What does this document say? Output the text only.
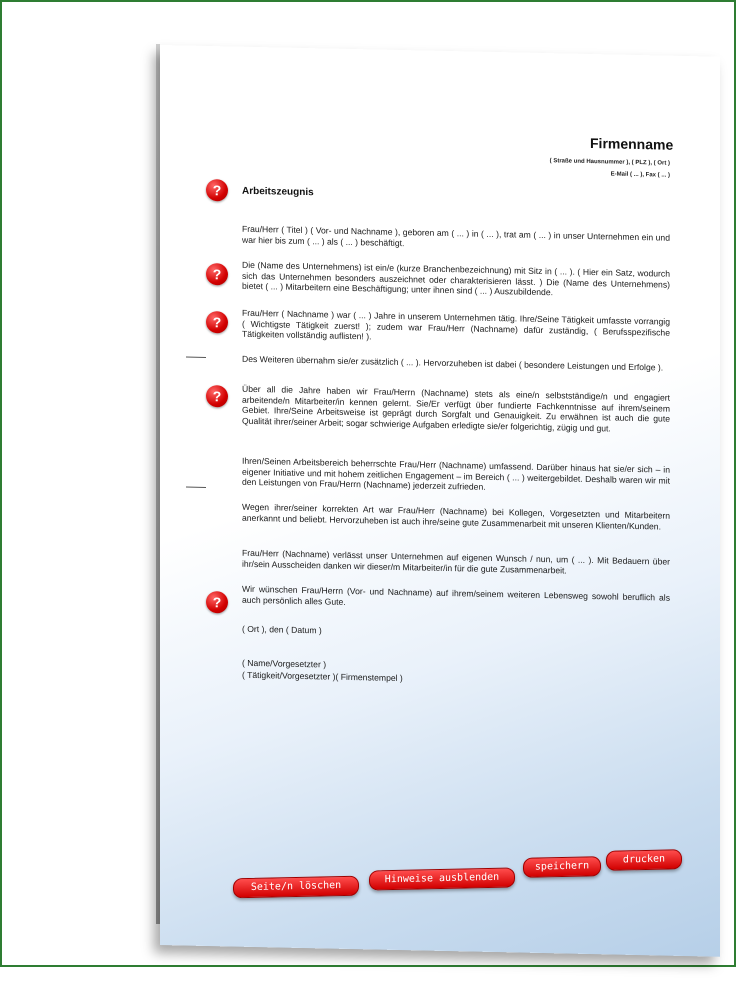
Firmenname
( Straße und Hausnummer ), ( PLZ ), ( Ort )
E-Mail ( ... ), Fax ( ... )
?	Arbeitszeugnis
Frau/Herr ( Titel ) ( Vor- und Nachname ), geboren am ( ... ) in ( ... ), trat am ( ... ) in unser Unternehmen ein und war hier bis zum ( ... ) als ( ... ) beschäftigt.
?	Die (Name des Unternehmens) ist ein/e (kurze Branchenbezeichnung) mit Sitz in ( ... ). ( Hier ein Satz, wodurch sich das Unternehmen besonders auszeichnet oder charakterisieren lässt. ) Die (Name des Unternehmens) bietet ( ... ) Mitarbeitern eine Beschäftigung; unter ihnen sind ( ... ) Auszubildende.
?	Frau/Herr ( Nachname ) war ( ... ) Jahre in unserem Unternehmen tätig. Ihre/Seine Tätigkeit umfasste vorrangig ( Wichtigste Tätigkeit zuerst! ); zudem war Frau/Herr (Nachname) dafür zuständig, ( Berufsspezifische Tätigkeiten vollständig auflisten! ).
Des Weiteren übernahm sie/er zusätzlich ( ... ). Hervorzuheben ist dabei ( besondere Leistungen und Erfolge ).
?	Über all die Jahre haben wir Frau/Herrn (Nachname) stets als eine/n selbstständige/n und engagiert arbeitende/n Mitarbeiter/in kennen gelernt. Sie/Er verfügt über fundierte Fachkenntnisse auf ihrem/seinem Gebiet. Ihre/Seine Arbeitsweise ist geprägt durch Sorgfalt und Genauigkeit. Zu erwähnen ist auch die gute Qualität ihrer/seiner Arbeit; sogar schwierige Aufgaben erledigte sie/er folgerichtig, zügig und gut.
Ihren/Seinen Arbeitsbereich beherrschte Frau/Herr (Nachname) umfassend. Darüber hinaus hat sie/er sich – in eigener Initiative und mit hohem zeitlichen Engagement – im Bereich ( ... ) weitergebildet. Deshalb waren wir mit den Leistungen von Frau/Herrn (Nachname) jederzeit zufrieden.
Wegen ihrer/seiner korrekten Art war Frau/Herr (Nachname) bei Kollegen, Vorgesetzten und Mitarbeitern anerkannt und beliebt. Hervorzuheben ist auch ihre/seine gute Zusammenarbeit mit unseren Klienten/Kunden.
Frau/Herr (Nachname) verlässt unser Unternehmen auf eigenen Wunsch / nun, um ( ... ). Mit Bedauern über ihr/sein Ausscheiden danken wir dieser/m Mitarbeiter/in für die gute Zusammenarbeit.
?	Wir wünschen Frau/Herrn (Vor- und Nachname) auf ihrem/seinem weiteren Lebensweg sowohl beruflich als auch persönlich alles Gute.
( Ort ), den ( Datum )
( Name/Vorgesetzter )
( Tätigkeit/Vorgesetzter )( Firmenstempel )
Seite/n löschen
Hinweise ausblenden
speichern
drucken
